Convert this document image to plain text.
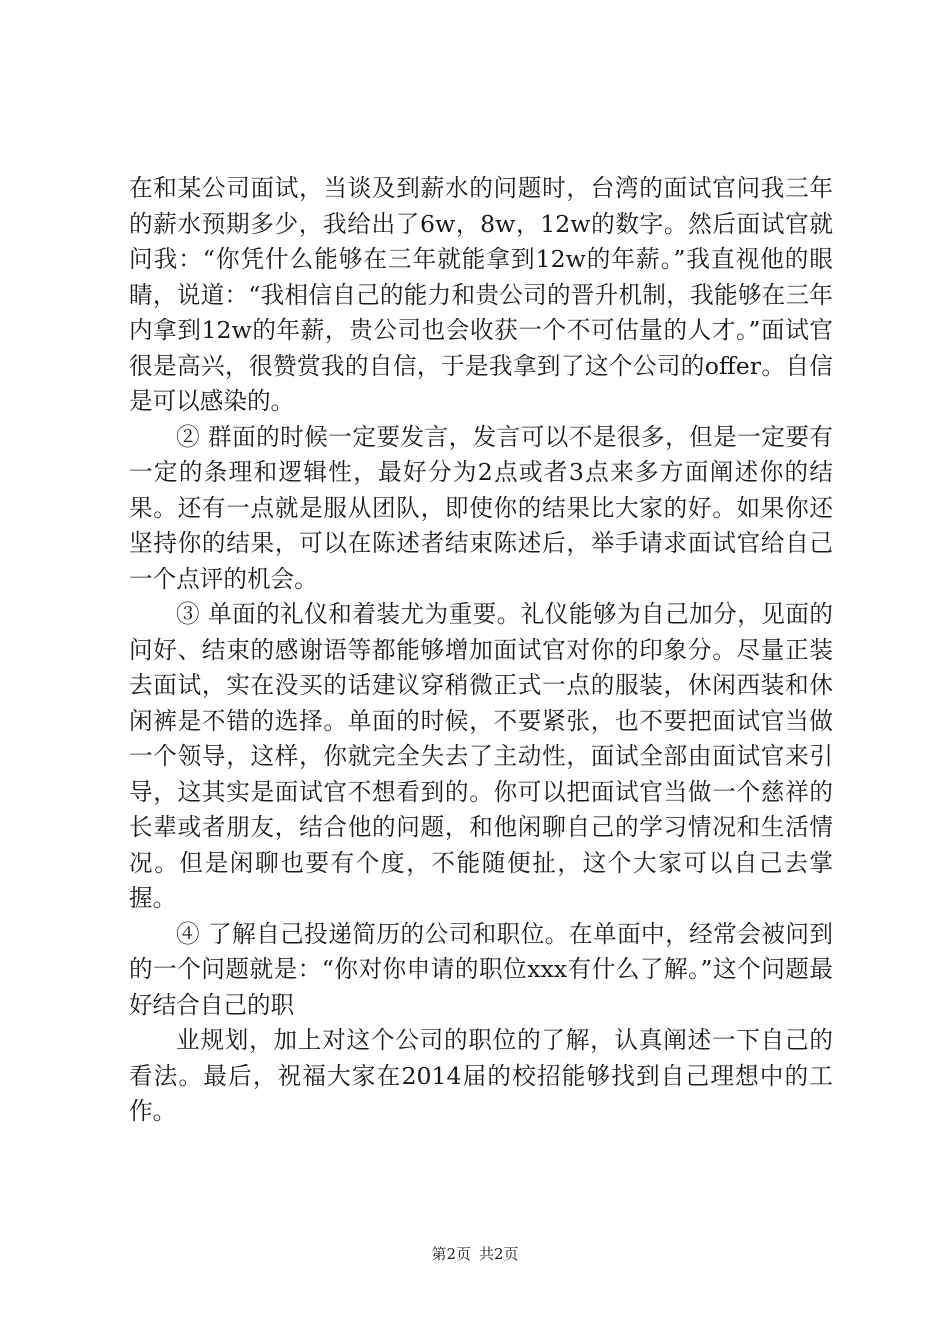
在和某公司面试，当谈及到薪水的问题时，台湾的面试官问我三年的薪水预期多少，我给出了6w，8w，12w的数字。然后面试官就问我：“你凭什么能够在三年就能拿到12w的年薪。”我直视他的眼睛，说道：“我相信自己的能力和贵公司的晋升机制，我能够在三年内拿到12w的年薪，贵公司也会收获一个不可估量的人才。”面试官很是高兴，很赞赏我的自信，于是我拿到了这个公司的offer。自信是可以感染的。

② 群面的时候一定要发言，发言可以不是很多，但是一定要有一定的条理和逻辑性，最好分为2点或者3点来多方面阐述你的结果。还有一点就是服从团队，即使你的结果比大家的好。如果你还坚持你的结果，可以在陈述者结束陈述后，举手请求面试官给自己一个点评的机会。

③ 单面的礼仪和着装尤为重要。礼仪能够为自己加分，见面的问好、结束的感谢语等都能够增加面试官对你的印象分。尽量正装去面试，实在没买的话建议穿稍微正式一点的服装，休闲西装和休闲裤是不错的选择。单面的时候，不要紧张，也不要把面试官当做一个领导，这样，你就完全失去了主动性，面试全部由面试官来引导，这其实是面试官不想看到的。你可以把面试官当做一个慈祥的长辈或者朋友，结合他的问题，和他闲聊自己的学习情况和生活情况。但是闲聊也要有个度，不能随便扯，这个大家可以自己去掌握。

④ 了解自己投递简历的公司和职位。在单面中，经常会被问到的一个问题就是：“你对你申请的职位xxx有什么了解。”这个问题最好结合自己的职

业规划，加上对这个公司的职位的了解，认真阐述一下自己的看法。最后，祝福大家在2014届的校招能够找到自己理想中的工作。

第2页 共2页
